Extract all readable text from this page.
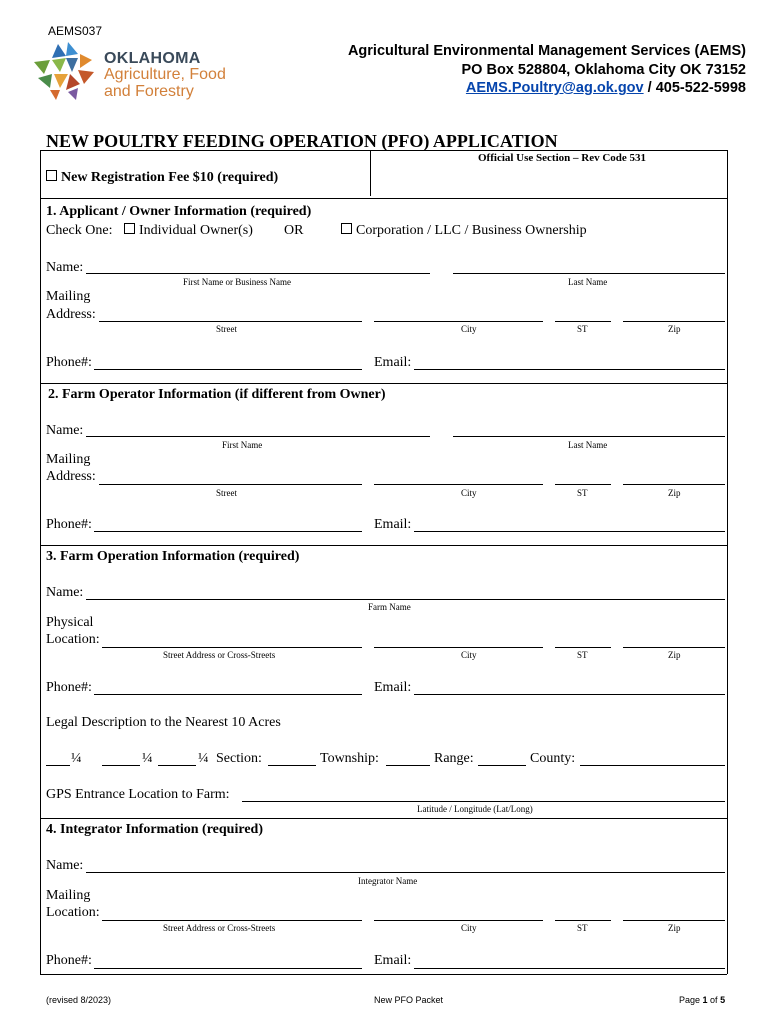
AEMS037
OKLAHOMA
Agriculture, Food
and Forestry
Agricultural Environmental Management Services (AEMS)
PO Box 528804, Oklahoma City OK 73152
AEMS.Poultry@ag.ok.gov / 405-522-5998
NEW POULTRY FEEDING OPERATION (PFO) APPLICATION
New Registration Fee $10 (required)
Official Use Section – Rev Code 531
1. Applicant / Owner Information (required)
Check One:	Individual Owner(s) OR	Corporation / LLC / Business Ownership
Name:
First Name or Business Name	Last Name
Mailing
Address:
Street	City	ST	Zip
Phone#:	Email:
2. Farm Operator Information (if different from Owner)
Name:
First Name	Last Name
Mailing
Address:
Street	City	ST	Zip
Phone#:	Email:
3. Farm Operation Information (required)
Name:
Farm Name
Physical
Location:
Street Address or Cross-Streets	City	ST	Zip
Phone#:	Email:
Legal Description to the Nearest 10 Acres
¼	¼	¼ Section:	Township:	Range:	County:
GPS Entrance Location to Farm:
Latitude / Longitude (Lat/Long)
4. Integrator Information (required)
Name:
Integrator Name
Mailing
Location:
Street Address or Cross-Streets	City	ST	Zip
Phone#:	Email:
(revised 8/2023)	New PFO Packet	Page 1 of 5
